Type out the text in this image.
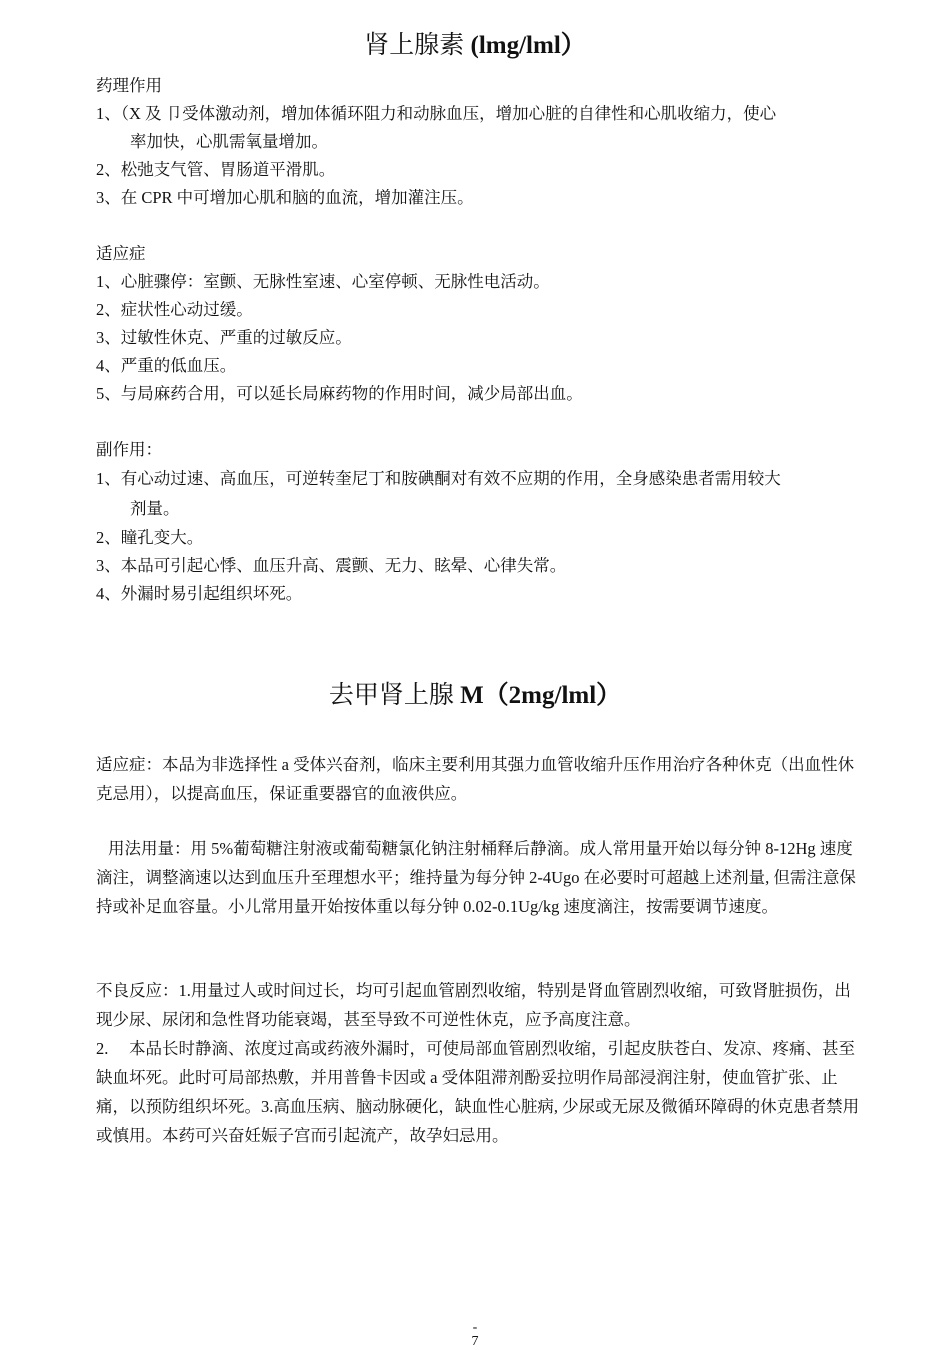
肾上腺素 (lmg/lml）
药理作用
1、（X 及 卩受体激动剂，增加体循环阻力和动脉血压，增加心脏的自律性和心肌收缩力，使心
率加快，心肌需氧量增加。
2、松弛支气管、胃肠道平滑肌。
3、在 CPR 中可增加心肌和脑的血流，增加灌注压。
适应症
1、心脏骤停：室颤、无脉性室速、心室停顿、无脉性电活动。
2、症状性心动过缓。
3、过敏性休克、严重的过敏反应。
4、严重的低血压。
5、与局麻药合用，可以延长局麻药物的作用时间，减少局部出血。
副作用：
1、有心动过速、高血压，可逆转奎尼丁和胺碘酮对有效不应期的作用，全身感染患者需用较大
剂量。
2、瞳孔变大。
3、本品可引起心悸、血压升高、震颤、无力、眩晕、心律失常。
4、外漏时易引起组织坏死。
去甲肾上腺 M（2mg/lml）

适应症：本品为非选择性 a 受体兴奋剂，临床主要利用其强力血管收缩升压作用治疗各种休克（出血性休克忌用），以提高血压，保证重要器官的血液供应。

用法用量：用 5%葡萄糖注射液或葡萄糖氯化钠注射桶释后静滴。成人常用量开始以每分钟 8-12Hg 速度滴注，调整滴速以达到血压升至理想水平；维持量为每分钟 2-4Ugo 在必要时可超越上述剂量, 但需注意保持或补足血容量。小儿常用量开始按体重以每分钟 0.02-0.1Ug/kg 速度滴注，按需要调节速度。

不良反应：1.用量过人或时间过长，均可引起血管剧烈收缩，特别是肾血管剧烈收缩，可致肾脏损伤，出现少尿、尿闭和急性肾功能衰竭，甚至导致不可逆性休克，应予高度注意。

2.　 本品长时静滴、浓度过高或药液外漏时，可使局部血管剧烈收缩，引起皮肤苍白、发凉、疼痛、甚至缺血坏死。此时可局部热敷，并用普鲁卡因或 a 受体阻滞剂酚妥拉明作局部浸润注射，使血管扩张、止痛，以预防组织坏死。3.高血压病、脑动脉硬化，缺血性心脏病, 少尿或无尿及微循环障碍的休克患者禁用或慎用。本药可兴奋妊娠子宫而引起流产，故孕妇忌用。

-
7
